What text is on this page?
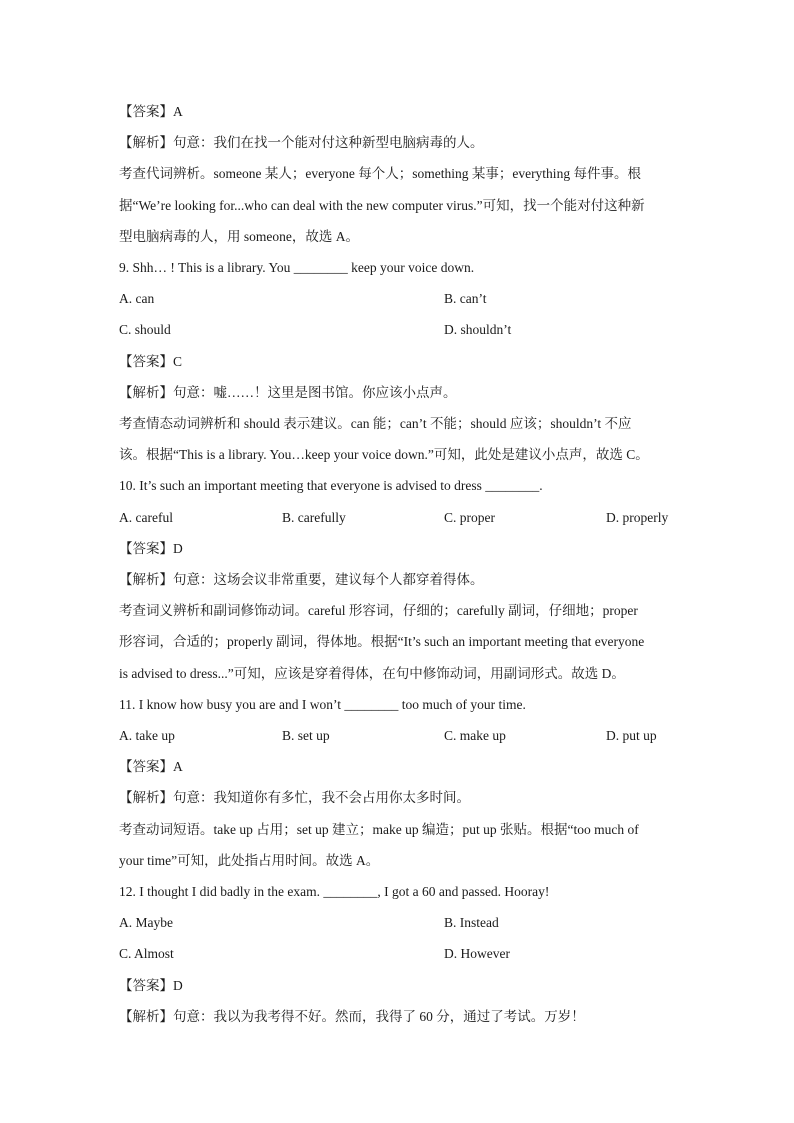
【答案】A
【解析】句意：我们在找一个能对付这种新型电脑病毒的人。
考查代词辨析。someone 某人；everyone 每个人；something 某事；everything 每件事。根
据“We’re looking for...who can deal with the new computer virus.”可知，找一个能对付这种新
型电脑病毒的人，用 someone，故选 A。
9. Shh… ! This is a library. You ________ keep your voice down.
A. can	B. can’t
C. should	D. shouldn’t
【答案】C
【解析】句意：嘘……！这里是图书馆。你应该小点声。
考查情态动词辨析和 should 表示建议。can 能；can’t 不能；should 应该；shouldn’t 不应
该。根据“This is a library. You…keep your voice down.”可知，此处是建议小点声，故选 C。
10. It’s such an important meeting that everyone is advised to dress ________.
A. careful	B. carefully	C. proper	D. properly
【答案】D
【解析】句意：这场会议非常重要，建议每个人都穿着得体。
考查词义辨析和副词修饰动词。careful 形容词，仔细的；carefully 副词，仔细地；proper
形容词，合适的；properly 副词，得体地。根据“It’s such an important meeting that everyone
is advised to dress...”可知，应该是穿着得体，在句中修饰动词，用副词形式。故选 D。
11. I know how busy you are and I won’t ________ too much of your time.
A. take up	B. set up	C. make up	D. put up
【答案】A
【解析】句意：我知道你有多忙，我不会占用你太多时间。
考查动词短语。take up 占用；set up 建立；make up 编造；put up 张贴。根据“too much of
your time”可知，此处指占用时间。故选 A。
12. I thought I did badly in the exam. ________, I got a 60 and passed. Hooray!
A. Maybe	B. Instead
C. Almost	D. However
【答案】D
【解析】句意：我以为我考得不好。然而，我得了 60 分，通过了考试。万岁！
